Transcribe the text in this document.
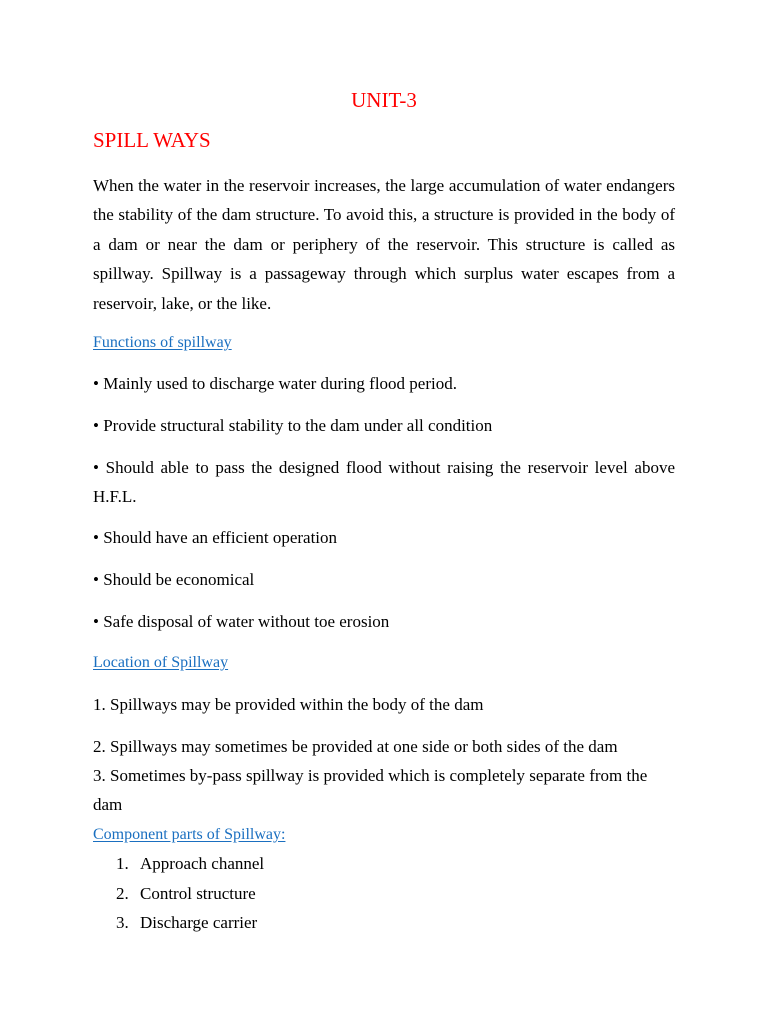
UNIT-3
SPILL WAYS

When the water in the reservoir increases, the large accumulation of water endangers the stability of the dam structure. To avoid this, a structure is provided in the body of a dam or near the dam or periphery of the reservoir. This structure is called as spillway. Spillway is a passageway through which surplus water escapes from a reservoir, lake, or the like.

Functions of spillway
• Mainly used to discharge water during flood period.
• Provide structural stability to the dam under all condition

• Should able to pass the designed flood without raising the reservoir level above H.F.L.

• Should have an efficient operation
• Should be economical
• Safe disposal of water without toe erosion
Location of Spillway
1. Spillways may be provided within the body of the dam
2. Spillways may sometimes be provided at one side or both sides of the dam

3. Sometimes by-pass spillway is provided which is completely separate from the dam

Component parts of Spillway:
1. Approach channel
2. Control structure
3. Discharge carrier
